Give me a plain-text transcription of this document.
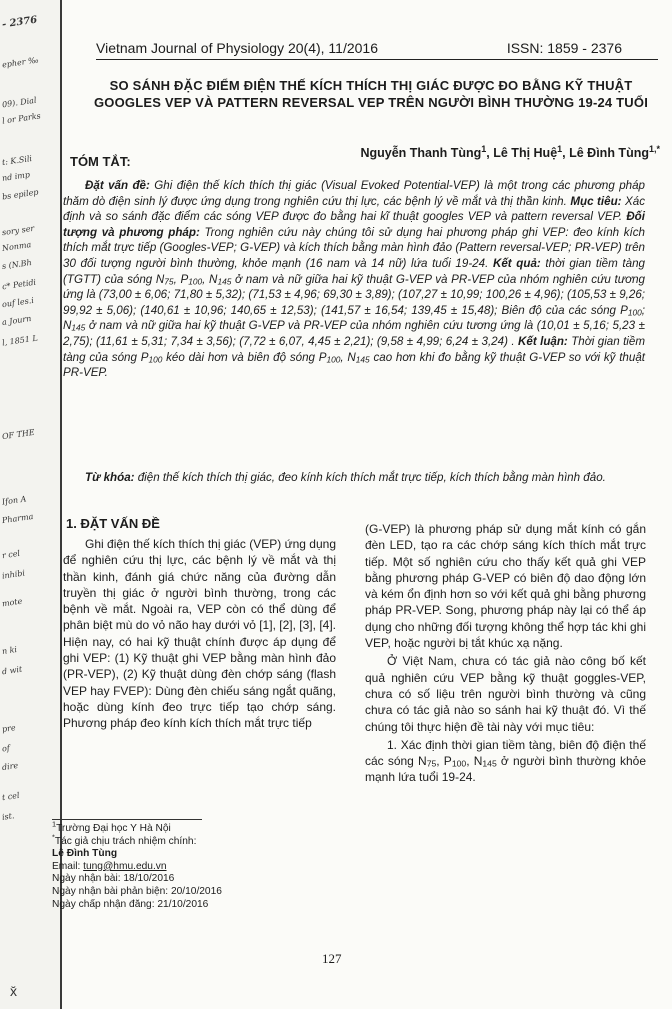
- 2376
epher ‰
09). Dial
l or Parks
t: K.Sili
nd imp
bs epilep
sory ser
Nonma
s (N.Bh
c* Petidi
ouf les.i
a Journ
l, 1851 L
OF THE
Ifon A
Pharma
r cel
inhibi
mote
n ki
d wit
pre
of
dire
t cel
ist.
Vietnam Journal of Physiology 20(4), 11/2016	ISSN: 1859 - 2376
SO SÁNH ĐẶC ĐIỂM ĐIỆN THẾ KÍCH THÍCH THỊ GIÁC ĐƯỢC ĐO BẰNG KỸ THUẬT GOOGLES VEP VÀ PATTERN REVERSAL VEP TRÊN NGƯỜI BÌNH THƯỜNG 19-24 TUỔI
Nguyễn Thanh Tùng$^1$, Lê Thị Huệ$^1$, Lê Đình Tùng$^{1,*}$
TÓM TẮT:

Đặt vấn đề: Ghi điện thế kích thích thị giác (Visual Evoked Potential-VEP) là một trong các phương pháp thăm dò điện sinh lý được ứng dụng trong nghiên cứu thị lực, các bệnh lý về mắt và thị thần kinh. Mục tiêu: Xác định và so sánh đặc điểm các sóng VEP được đo bằng hai kĩ thuật googles VEP và pattern reversal VEP. Đối tượng và phương pháp: Trong nghiên cứu này chúng tôi sử dụng hai phương pháp ghi VEP: đeo kính kích thích mắt trực tiếp (Googles-VEP; G-VEP) và kích thích bằng màn hình đảo (Pattern reversal-VEP; PR-VEP) trên 30 đối tượng người bình thường, khỏe mạnh (16 nam và 14 nữ) lứa tuổi 19-24. Kết quả: thời gian tiềm tàng (TGTT) của sóng $N_{75}$, $P_{100}$, $N_{145}$ ở nam và nữ giữa hai kỹ thuật G-VEP và PR-VEP của nhóm nghiên cứu tương ứng là (73,00 ± 6,06; 71,80 ± 5,32); (71,53 ± 4,96; 69,30 ± 3,89); (107,27 ± 10,99; 100,26 ± 4,96); (105,53 ± 9,26; 99,92 ± 5,06); (140,61 ± 10,96; 140,65 ± 12,53); (141,57 ± 16,54; 139,45 ± 15,48); Biên độ của các sóng $P_{100}$; $N_{145}$ ở nam và nữ giữa hai kỹ thuật G-VEP và PR-VEP của nhóm nghiên cứu tương ứng là (10,01 ± 5,16; 5,23 ± 2,75); (11,61 ± 5,31; 7,34 ± 3,56); (7,72 ± 6,07, 4,45 ± 2,21); (9,58 ± 4,99; 6,24 ± 3,24) . Kết luận: Thời gian tiềm tàng của sóng $P_{100}$ kéo dài hơn và biên độ sóng $P_{100}$, $N_{145}$ cao hơn khi đo bằng kỹ thuật G-VEP so với kỹ thuật PR-VEP.

Từ khóa: điện thế kích thích thị giác, đeo kính kích thích mắt trực tiếp, kích thích bằng màn hình đảo.
1. ĐẶT VẤN ĐỀ

Ghi điện thế kích thích thị giác (VEP) ứng dụng để nghiên cứu thị lực, các bệnh lý về mắt và thị thần kinh, đánh giá chức năng của đường dẫn truyền thị giác ở người bình thường, trong các bệnh về mắt. Ngoài ra, VEP còn có thể dùng để phân biệt mù do vỏ não hay dưới vỏ [1], [2], [3], [4]. Hiện nay, có hai kỹ thuật chính được áp dụng để ghi VEP: (1) Kỹ thuật ghi VEP bằng màn hình đảo (PR-VEP), (2) Kỹ thuật dùng đèn chớp sáng (flash VEP hay FVEP): Dùng đèn chiếu sáng ngắt quãng, hoặc dùng kính đeo trực tiếp tạo chớp sáng. Phương pháp đeo kính kích thích mắt trực tiếp

(G-VEP) là phương pháp sử dụng mắt kính có gắn đèn LED, tạo ra các chớp sáng kích thích mắt trực tiếp. Một số nghiên cứu cho thấy kết quả ghi VEP bằng phương pháp G-VEP có biên độ dao động lớn và kém ổn định hơn so với kết quả ghi bằng phương pháp PR-VEP. Song, phương pháp này lại có thể áp dụng cho những đối tượng không thể hợp tác khi ghi VEP, hoặc người bị tắt khúc xạ nặng.

Ở Việt Nam, chưa có tác giả nào công bố kết quả nghiên cứu VEP bằng kỹ thuật goggles-VEP, chưa có số liệu trên người bình thường và cũng chưa có tác giả nào so sánh hai kỹ thuật đó. Vì thế chúng tôi thực hiện đề tài này với mục tiêu:

1. Xác định thời gian tiềm tàng, biên độ điện thế các sóng $N_{75}$, $P_{100}$, $N_{145}$ ở người bình thường khỏe mạnh lứa tuổi 19-24.

$^1$Trường Đại học Y Hà Nội
*Tác giả chịu trách nhiệm chính:
Lê Đình Tùng
Email: tung@hmu.edu.vn
Ngày nhận bài: 18/10/2016
Ngày nhận bài phản biện: 20/10/2016
Ngày chấp nhận đăng: 21/10/2016
127
x̆
